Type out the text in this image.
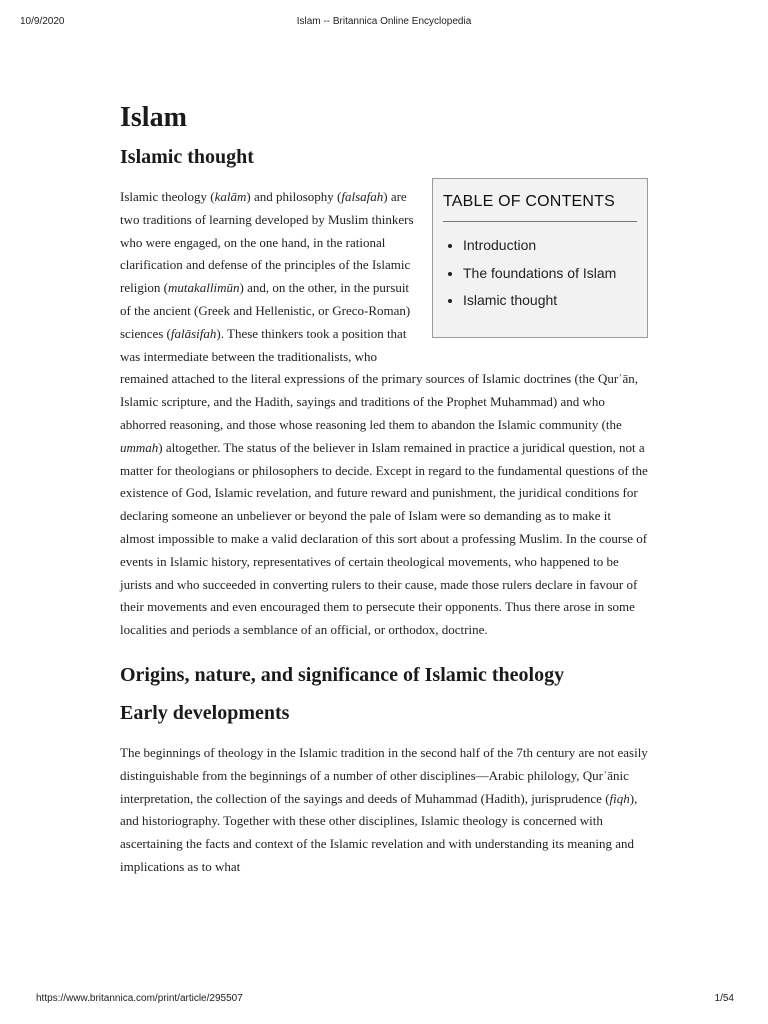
10/9/2020	Islam -- Britannica Online Encyclopedia
Islam
Islamic thought
TABLE OF CONTENTS
• Introduction
• The foundations of Islam
• Islamic thought

Islamic theology (kalām) and philosophy (falsafah) are two traditions of learning developed by Muslim thinkers who were engaged, on the one hand, in the rational clarification and defense of the principles of the Islamic religion (mutakallimūn) and, on the other, in the pursuit of the ancient (Greek and Hellenistic, or Greco-Roman) sciences (falāsifah). These thinkers took a position that was intermediate between the traditionalists, who remained attached to the literal expressions of the primary sources of Islamic doctrines (the Qurʾān, Islamic scripture, and the Hadith, sayings and traditions of the Prophet Muhammad) and who abhorred reasoning, and those whose reasoning led them to abandon the Islamic community (the ummah) altogether. The status of the believer in Islam remained in practice a juridical question, not a matter for theologians or philosophers to decide. Except in regard to the fundamental questions of the existence of God, Islamic revelation, and future reward and punishment, the juridical conditions for declaring someone an unbeliever or beyond the pale of Islam were so demanding as to make it almost impossible to make a valid declaration of this sort about a professing Muslim. In the course of events in Islamic history, representatives of certain theological movements, who happened to be jurists and who succeeded in converting rulers to their cause, made those rulers declare in favour of their movements and even encouraged them to persecute their opponents. Thus there arose in some localities and periods a semblance of an official, or orthodox, doctrine.

Origins, nature, and significance of Islamic theology
Early developments

The beginnings of theology in the Islamic tradition in the second half of the 7th century are not easily distinguishable from the beginnings of a number of other disciplines—Arabic philology, Qurʾānic interpretation, the collection of the sayings and deeds of Muhammad (Hadith), jurisprudence (fiqh), and historiography. Together with these other disciplines, Islamic theology is concerned with ascertaining the facts and context of the Islamic revelation and with understanding its meaning and implications as to what

https://www.britannica.com/print/article/295507	1/54
